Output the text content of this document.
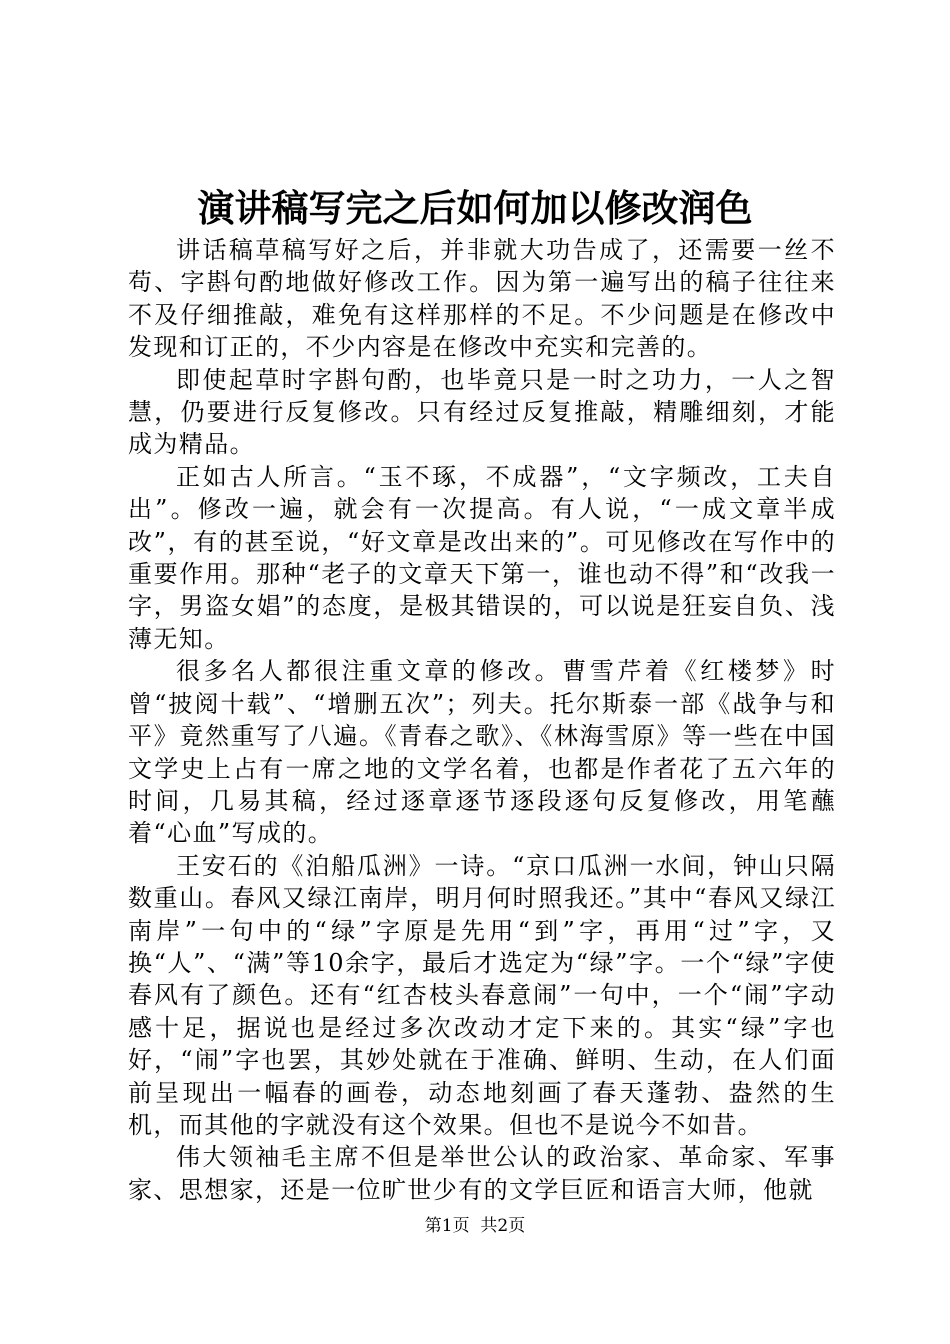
演讲稿写完之后如何加以修改润色

讲话稿草稿写好之后，并非就大功告成了，还需要一丝不苟、字斟句酌地做好修改工作。因为第一遍写出的稿子往往来不及仔细推敲，难免有这样那样的不足。不少问题是在修改中发现和订正的，不少内容是在修改中充实和完善的。

即使起草时字斟句酌，也毕竟只是一时之功力，一人之智慧，仍要进行反复修改。只有经过反复推敲，精雕细刻，才能成为精品。

正如古人所言。“玉不琢，不成器”，“文字频改，工夫自出”。修改一遍，就会有一次提高。有人说，“一成文章半成改”，有的甚至说，“好文章是改出来的”。可见修改在写作中的重要作用。那种“老子的文章天下第一，谁也动不得”和“改我一字，男盗女娼”的态度，是极其错误的，可以说是狂妄自负、浅薄无知。

很多名人都很注重文章的修改。曹雪芹着《红楼梦》时曾“披阅十载”、“增删五次”；列夫。托尔斯泰一部《战争与和平》竟然重写了八遍。《青春之歌》、《林海雪原》等一些在中国文学史上占有一席之地的文学名着，也都是作者花了五六年的时间，几易其稿，经过逐章逐节逐段逐句反复修改，用笔蘸着“心血”写成的。

王安石的《泊船瓜洲》一诗。“京口瓜洲一水间，钟山只隔数重山。春风又绿江南岸，明月何时照我还。”其中“春风又绿江南岸”一句中的“绿”字原是先用“到”字，再用“过”字，又换“人”、“满”等10余字，最后才选定为“绿”字。一个“绿”字使春风有了颜色。还有“红杏枝头春意闹”一句中，一个“闹”字动感十足，据说也是经过多次改动才定下来的。其实“绿”字也好，“闹”字也罢，其妙处就在于准确、鲜明、生动，在人们面前呈现出一幅春的画卷，动态地刻画了春天蓬勃、盎然的生机，而其他的字就没有这个效果。但也不是说今不如昔。

伟大领袖毛主席不但是举世公认的政治家、革命家、军事家、思想家，还是一位旷世少有的文学巨匠和语言大师，他就

第1页  共2页
